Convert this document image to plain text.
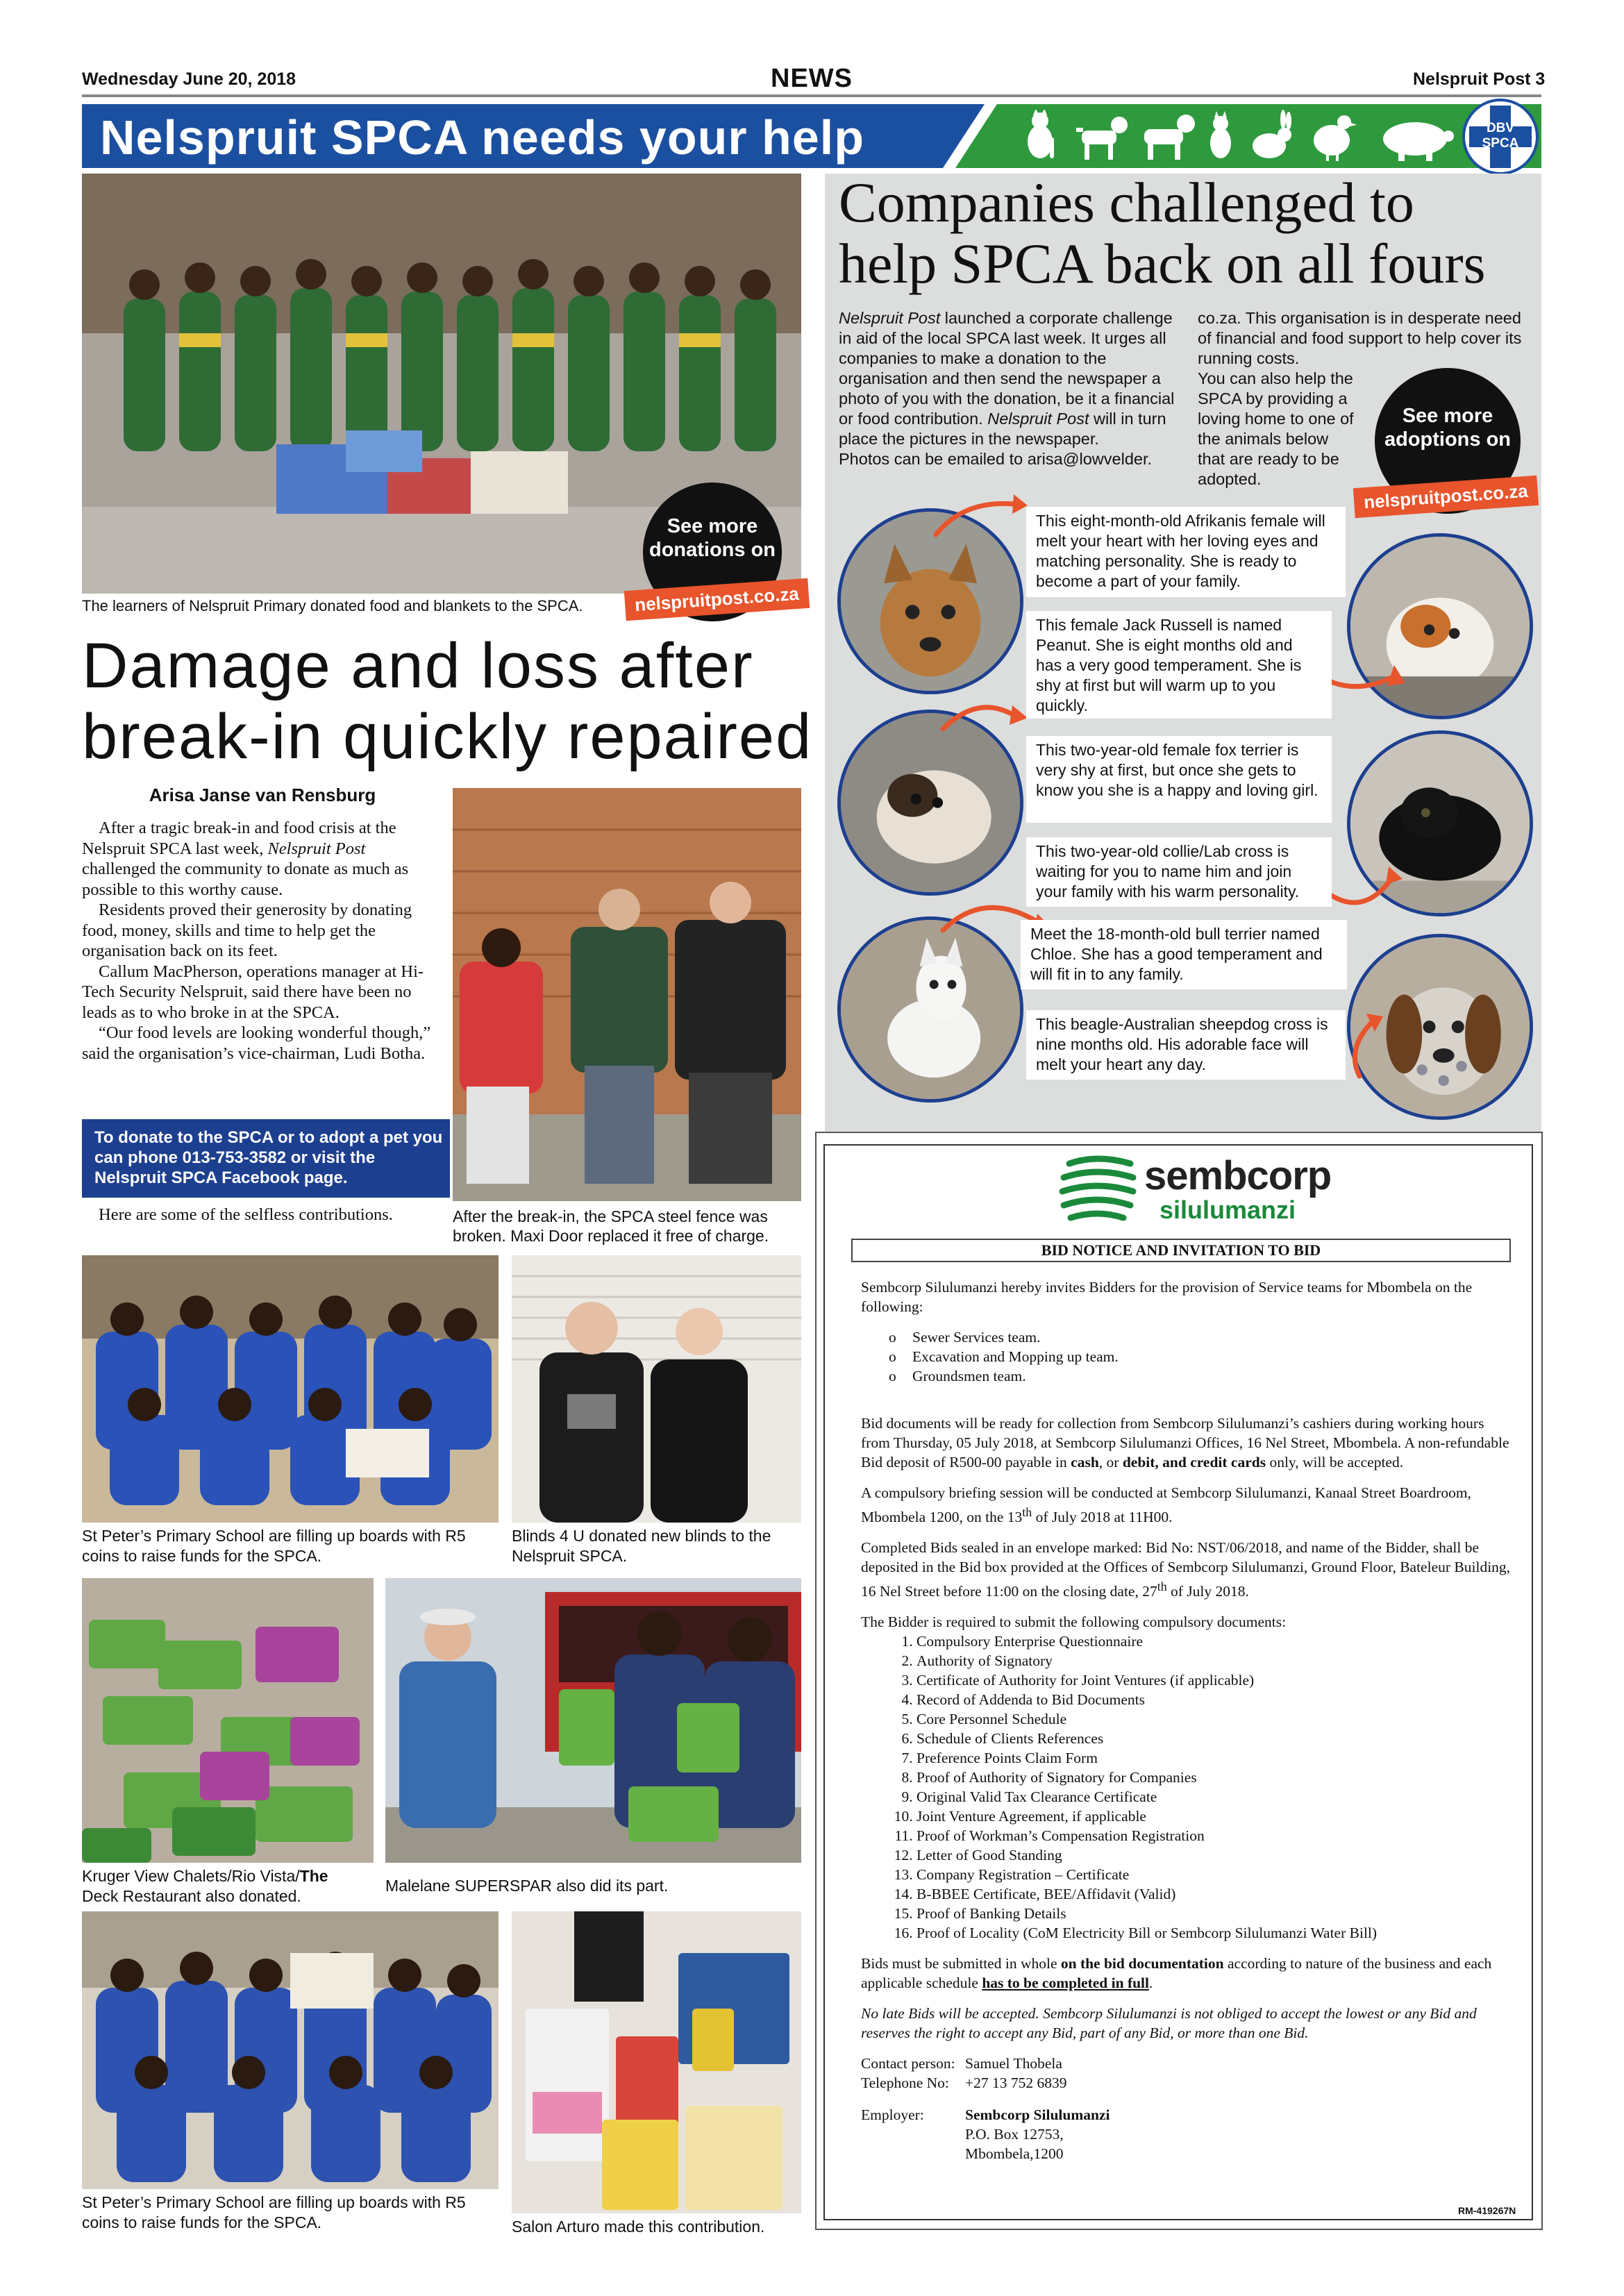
Wednesday June 20, 2018	NEWS	Nelspruit Post 3
Nelspruit SPCA needs your help	DBV
SPCA
The learners of Nelspruit Primary donated food and blankets to the SPCA.
See more
donations on
nelspruitpost.co.za
Damage and loss after
break-in quickly repaired
Arisa Janse van Rensburg
After a tragic break-in and food crisis at the Nelspruit SPCA last week, Nelspruit Post challenged the community to donate as much as possible to this worthy cause.
Residents proved their generosity by donating food, money, skills and time to help get the organisation back on its feet.
Callum MacPherson, operations manager at Hi-Tech Security Nelspruit, said there have been no leads as to who broke in at the SPCA.
“Our food levels are looking wonderful though,” said the organisation’s vice-chairman, Ludi Botha.
To donate to the SPCA or to adopt a pet you can phone 013-753-3582 or visit the Nelspruit SPCA Facebook page.
Here are some of the selfless contributions.	After the break-in, the SPCA steel fence was broken. Maxi Door replaced it free of charge.
St Peter’s Primary School are filling up boards with R5 coins to raise funds for the SPCA.
Blinds 4 U donated new blinds to the Nelspruit SPCA.
Kruger View Chalets/Rio Vista/The
Deck Restaurant also donated.
Malelane SUPERSPAR also did its part.
St Peter’s Primary School are filling up boards with R5 coins to raise funds for the SPCA.	Salon Arturo made this contribution.
Companies challenged to
help SPCA back on all fours
Nelspruit Post launched a corporate challenge in aid of the local SPCA last week. It urges all companies to make a donation to the organisation and then send the newspaper a photo of you with the donation, be it a financial or food contribution. Nelspruit Post will in turn place the pictures in the newspaper.
Photos can be emailed to arisa@lowvelder.
co.za. This organisation is in desperate need of financial and food support to help cover its running costs.
You can also help the SPCA by providing a loving home to one of the animals below that are ready to be adopted.
See more
adoptions on
nelspruitpost.co.za
This eight-month-old Afrikanis female will melt your heart with her loving eyes and matching personality. She is ready to become a part of your family.
This female Jack Russell is named Peanut. She is eight months old and has a very good temperament. She is shy at first but will warm up to you quickly.
This two-year-old female fox terrier is very shy at first, but once she gets to know you she is a happy and loving girl.
This two-year-old collie/Lab cross is waiting for you to name him and join your family with his warm personality.
Meet the 18-month-old bull terrier named Chloe. She has a good temperament and will fit in to any family.
This beagle-Australian sheepdog cross is nine months old. His adorable face will melt your heart any day.
sembcorp
silulumanzi
BID NOTICE AND INVITATION TO BID

Sembcorp Silulumanzi hereby invites Bidders for the provision of Service teams for Mbombela on the following:

o Sewer Services team.
o Excavation and Mopping up team.
o Groundsmen team.

Bid documents will be ready for collection from Sembcorp Silulumanzi’s cashiers during working hours from Thursday, 05 July 2018, at Sembcorp Silulumanzi Offices, 16 Nel Street, Mbombela. A non-refundable Bid deposit of R500-00 payable in cash, or debit, and credit cards only, will be accepted.

A compulsory briefing session will be conducted at Sembcorp Silulumanzi, Kanaal Street Boardroom, Mbombela 1200, on the 13th of July 2018 at 11H00.

Completed Bids sealed in an envelope marked: Bid No: NST/06/2018, and name of the Bidder, shall be deposited in the Bid box provided at the Offices of Sembcorp Silulumanzi, Ground Floor, Bateleur Building, 16 Nel Street before 11:00 on the closing date, 27th of July 2018.

The Bidder is required to submit the following compulsory documents:

1. Compulsory Enterprise Questionnaire
2. Authority of Signatory
3. Certificate of Authority for Joint Ventures (if applicable)
4. Record of Addenda to Bid Documents
5. Core Personnel Schedule
6. Schedule of Clients References
7. Preference Points Claim Form
8. Proof of Authority of Signatory for Companies
9. Original Valid Tax Clearance Certificate
10. Joint Venture Agreement, if applicable
11. Proof of Workman’s Compensation Registration
12. Letter of Good Standing
13. Company Registration – Certificate
14. B-BBEE Certificate, BEE/Affidavit (Valid)
15. Proof of Banking Details
16. Proof of Locality (CoM Electricity Bill or Sembcorp Silulumanzi Water Bill)

Bids must be submitted in whole on the bid documentation according to nature of the business and each applicable schedule has to be completed in full.

No late Bids will be accepted. Sembcorp Silulumanzi is not obliged to accept the lowest or any Bid and reserves the right to accept any Bid, part of any Bid, or more than one Bid.

Contact person: Samuel Thobela
Telephone No: +27 13 752 6839
Employer:	Sembcorp Silulumanzi
P.O. Box 12753,
Mbombela,1200
RM-419267N
